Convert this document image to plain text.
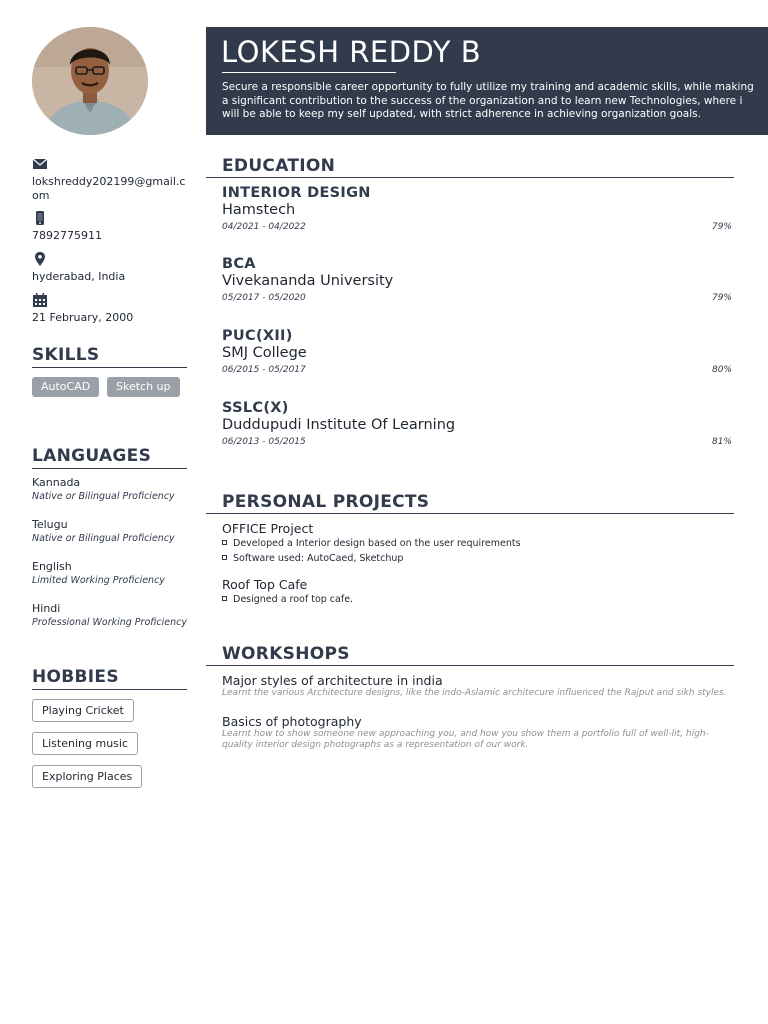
lokshreddy202199@gmail.com
7892775911
hyderabad, India
21 February, 2000
SKILLS
AutoCAD	Sketch up
LANGUAGES
Kannada
Native or Bilingual Proficiency
Telugu
Native or Bilingual Proficiency
English
Limited Working Proficiency
Hindi
Professional Working Proficiency
HOBBIES
Playing Cricket
Listening music
Exploring Places
LOKESH REDDY B
Secure a responsible career opportunity to fully utilize my training and academic skills, while making a significant contribution to the success of the organization and to learn new Technologies, where i will be able to keep my self updated, with strict adherence in achieving organization goals.
EDUCATION
INTERIOR DESIGN
Hamstech
04/2021 - 04/2022	79%
BCA
Vivekananda University
05/2017 - 05/2020	79%
PUC(XII)
SMJ College
06/2015 - 05/2017	80%
SSLC(X)
Duddupudi Institute Of Learning
06/2013 - 05/2015	81%
PERSONAL PROJECTS
OFFICE Project
Developed a Interior design based on the user requirements
Software used: AutoCaed, Sketchup
Roof Top Cafe
Designed a roof top cafe.
WORKSHOPS
Major styles of architecture in india
Learnt the various Architecture designs, like the indo-Aslamic architecure influenced the Rajput and sikh styles.
Basics of photography
Learnt how to show someone new approaching you, and how you show them a portfolio full of well-lit, high-quality interior design photographs as a representation of our work.
